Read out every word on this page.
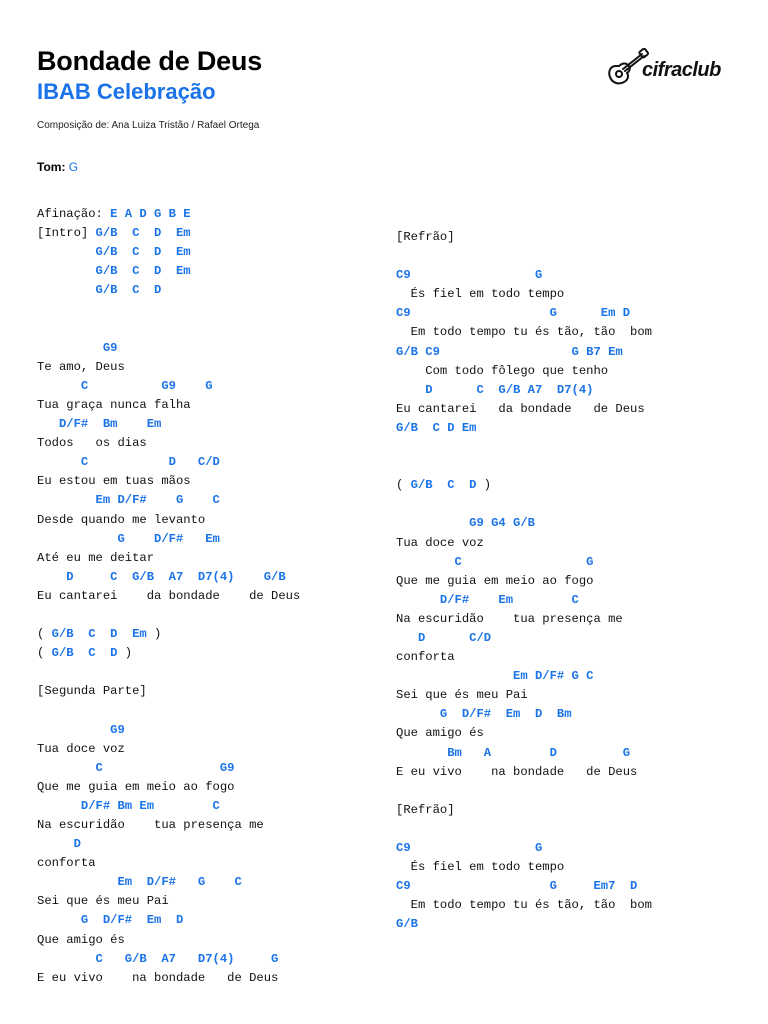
Bondade de Deus
IBAB Celebração
Composição de: Ana Luiza Tristão / Rafael Ortega
Tom: G
cifraclub
Afinação: E A D G B E
[Intro] G/B  C  D  Em
G/B  C  D  Em
G/B  C  D  Em
G/B  C  D
G9
Te amo, Deus
C          G9    G
Tua graça nunca falha
D/F#  Bm    Em
Todos   os dias
C           D   C/D
Eu estou em tuas mãos
Em D/F#    G    C
Desde quando me levanto
G    D/F#   Em
Até eu me deitar
D     C  G/B  A7  D7(4)    G/B
Eu cantarei    da bondade    de Deus
( G/B  C  D  Em )
( G/B  C  D )
[Segunda Parte]
G9
Tua doce voz
C                G9
Que me guia em meio ao fogo
D/F# Bm Em        C
Na escuridão    tua presença me
D
conforta
Em  D/F#   G    C
Sei que és meu Pai
G  D/F#  Em  D
Que amigo és
C   G/B  A7   D7(4)     G
E eu vivo    na bondade   de Deus
[Refrão]
C9                 G
És fiel em todo tempo
C9                   G      Em D
Em todo tempo tu és tão, tão  bom
G/B C9                  G B7 Em
Com todo fôlego que tenho
D      C  G/B A7  D7(4)
Eu cantarei   da bondade   de Deus
G/B  C D Em
( G/B  C  D )
G9 G4 G/B
Tua doce voz
C                 G
Que me guia em meio ao fogo
D/F#    Em        C
Na escuridão    tua presença me
D      C/D
conforta
Em D/F# G C
Sei que és meu Pai
G  D/F#  Em  D  Bm
Que amigo és
Bm   A        D         G
E eu vivo    na bondade   de Deus
[Refrão]
C9                 G
És fiel em todo tempo
C9                   G     Em7  D
Em todo tempo tu és tão, tão  bom
G/B
